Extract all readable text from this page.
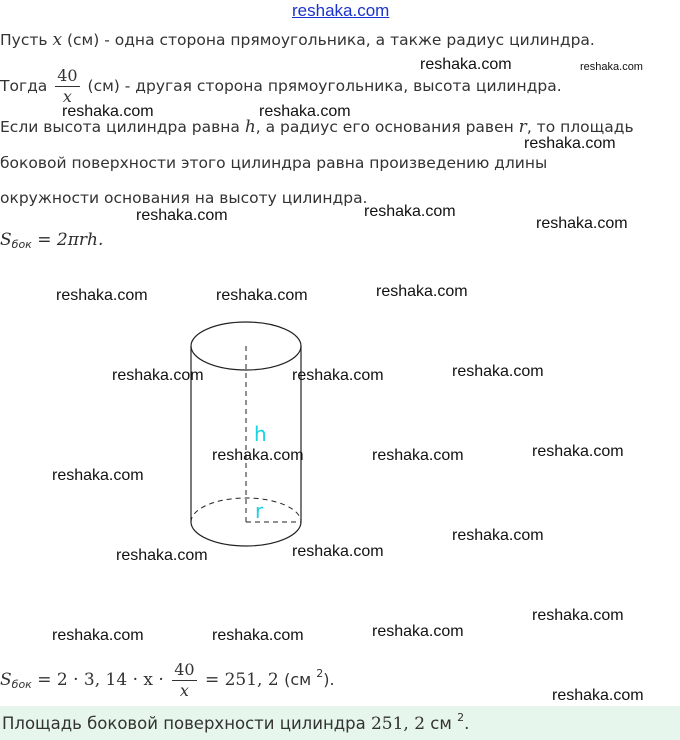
reshaka.com
Пусть x (см) - одна сторона прямоугольника, а также радиус цилиндра.
Тогда $\frac{40}{x} (см)$ - другая сторона прямоугольника, высота цилиндра.
Если высота цилиндра равна h, а радиус его основания равен r, то площадь
боковой поверхности этого цилиндра равна произведению длины
окружности основания на высоту цилиндра.
$S_{бок} = 2\pi rh$.
h
r
$S_{бок} = 2 \cdot 3$, $14 \cdot x \cdot \frac{40}{x} = 251$, 2 (см $^2$).
Площадь боковой поверхности цилиндра 251, 2 см $^2$.
reshaka.com	reshaka.com
reshaka.com	reshaka.com
reshaka.com
reshaka.com
reshaka.com	reshaka.com
reshaka.com	reshaka.com	reshaka.com
reshaka.com	reshaka.com	reshaka.com
reshaka.com	reshaka.com	reshaka.com
reshaka.com
reshaka.com	reshaka.com
reshaka.com
reshaka.com
reshaka.com	reshaka.com	reshaka.com
reshaka.com
